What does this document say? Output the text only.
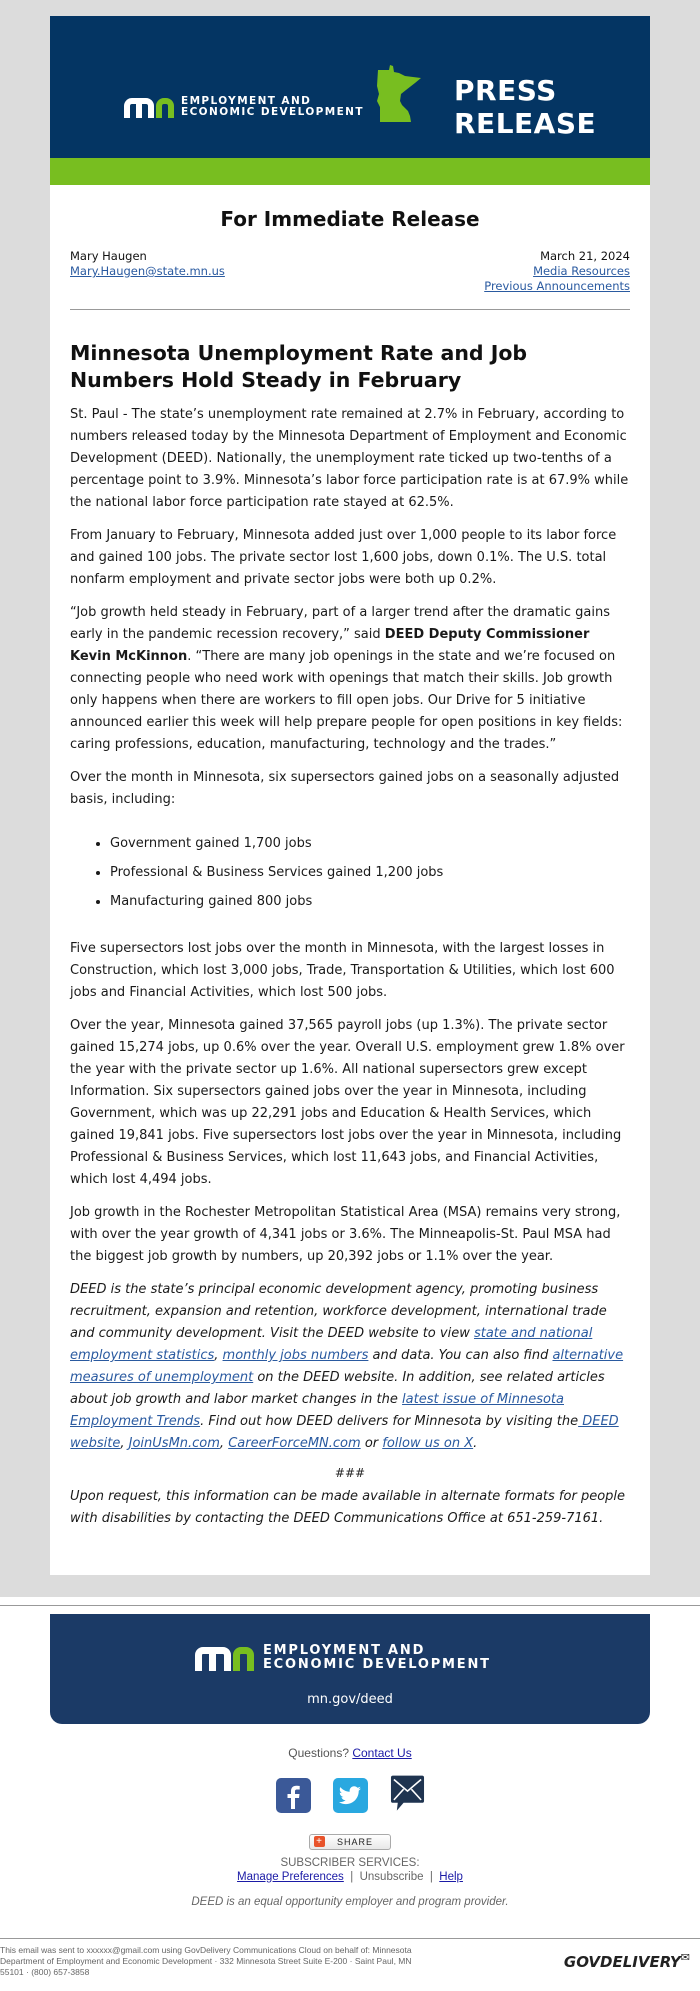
EMPLOYMENT AND
ECONOMIC DEVELOPMENT
PRESS RELEASE
For Immediate Release
Mary Haugen
Mary.Haugen@state.mn.us
March 21, 2024
Media Resources
Previous Announcements
Minnesota Unemployment Rate and Job Numbers Hold Steady in February

St. Paul - The state’s unemployment rate remained at 2.7% in February, according to numbers released today by the Minnesota Department of Employment and Economic Development (DEED). Nationally, the unemployment rate ticked up two-tenths of a percentage point to 3.9%. Minnesota’s labor force participation rate is at 67.9% while the national labor force participation rate stayed at 62.5%.

From January to February, Minnesota added just over 1,000 people to its labor force and gained 100 jobs. The private sector lost 1,600 jobs, down 0.1%. The U.S. total nonfarm employment and private sector jobs were both up 0.2%.

“Job growth held steady in February, part of a larger trend after the dramatic gains early in the pandemic recession recovery,” said DEED Deputy Commissioner Kevin McKinnon. “There are many job openings in the state and we’re focused on connecting people who need work with openings that match their skills. Job growth only happens when there are workers to fill open jobs. Our Drive for 5 initiative announced earlier this week will help prepare people for open positions in key fields: caring professions, education, manufacturing, technology and the trades.”

Over the month in Minnesota, six supersectors gained jobs on a seasonally adjusted basis, including:

• Government gained 1,700 jobs
• Professional & Business Services gained 1,200 jobs
• Manufacturing gained 800 jobs

Five supersectors lost jobs over the month in Minnesota, with the largest losses in Construction, which lost 3,000 jobs, Trade, Transportation & Utilities, which lost 600 jobs and Financial Activities, which lost 500 jobs.

Over the year, Minnesota gained 37,565 payroll jobs (up 1.3%). The private sector gained 15,274 jobs, up 0.6% over the year. Overall U.S. employment grew 1.8% over the year with the private sector up 1.6%. All national supersectors grew except Information. Six supersectors gained jobs over the year in Minnesota, including Government, which was up 22,291 jobs and Education & Health Services, which gained 19,841 jobs. Five supersectors lost jobs over the year in Minnesota, including Professional & Business Services, which lost 11,643 jobs, and Financial Activities, which lost 4,494 jobs.

Job growth in the Rochester Metropolitan Statistical Area (MSA) remains very strong, with over the year growth of 4,341 jobs or 3.6%. The Minneapolis-St. Paul MSA had the biggest job growth by numbers, up 20,392 jobs or 1.1% over the year.

DEED is the state’s principal economic development agency, promoting business recruitment, expansion and retention, workforce development, international trade and community development. Visit the DEED website to view state and national employment statistics, monthly jobs numbers and data. You can also find alternative measures of unemployment on the DEED website. In addition, see related articles about job growth and labor market changes in the latest issue of Minnesota Employment Trends. Find out how DEED delivers for Minnesota by visiting the DEED website, JoinUsMn.com, CareerForceMN.com or follow us on X.

###

Upon request, this information can be made available in alternate formats for people with disabilities by contacting the DEED Communications Office at 651-259-7161.

EMPLOYMENT AND
ECONOMIC DEVELOPMENT
mn.gov/deed
Questions? Contact Us
+ SHARE
SUBSCRIBER SERVICES:
Manage Preferences | Unsubscribe | Help
DEED is an equal opportunity employer and program provider.
This email was sent to xxxxxx@gmail.com using GovDelivery Communications Cloud on behalf of: Minnesota Department of Employment and Economic Development · 332 Minnesota Street Suite E-200 · Saint Paul, MN 55101 · (800) 657-3858
GOVDELIVERY✉
